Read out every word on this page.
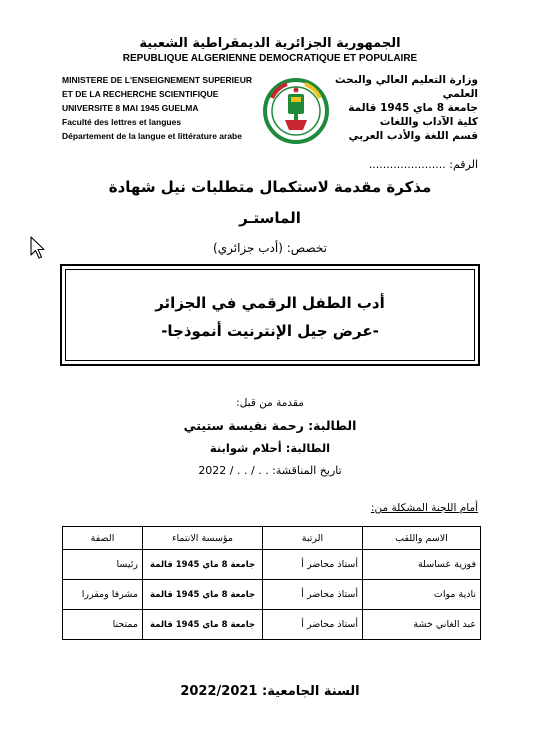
الجمهورية الجزائرية الديمقراطية الشعبية
REPUBLIQUE ALGERIENNE DEMOCRATIQUE ET POPULAIRE
MINISTERE DE L'ENSEIGNEMENT SUPERIEUR
ET DE LA RECHERCHE SCIENTIFIQUE
UNIVERSITE 8 MAI 1945 GUELMA
Faculté des lettres et langues
Département de la langue et littérature arabe
وزارة التعليم العالي والبحث العلمي
جامعة 8 ماي 1945 قالمة
كلية الآداب واللغات
قسم اللغة والأدب العربي
الرقم: ......................
مذكرة مقدمة لاستكمال متطلبات نيل شهادة
الماستـر
تخصص: (أدب جزائري)
أدب الطفل الرقمي في الجزائر
-عرض جيل الإنترنيت أنموذجا-
مقدمة من قبل:
الطالبة: رحمة نفيسة ستيتي
الطالبة: أحلام شوابنة
تاريخ المناقشة: . . / . . / 2022
أمام اللجنة المشكلة من:
الاسم واللقب	الرتبة	مؤسسة الانتماء	الصفة
فوزية عساسلة	أستاذ محاضر أ	جامعة 8 ماي 1945 قالمة	رئيسا
نادية موات	أستاذ محاضر أ	جامعة 8 ماي 1945 قالمة	مشرفا ومقررا
عبد الغاني خشة	أستاذ محاضر أ	جامعة 8 ماي 1945 قالمة	ممتحنا
السنة الجامعية: 2022/2021
